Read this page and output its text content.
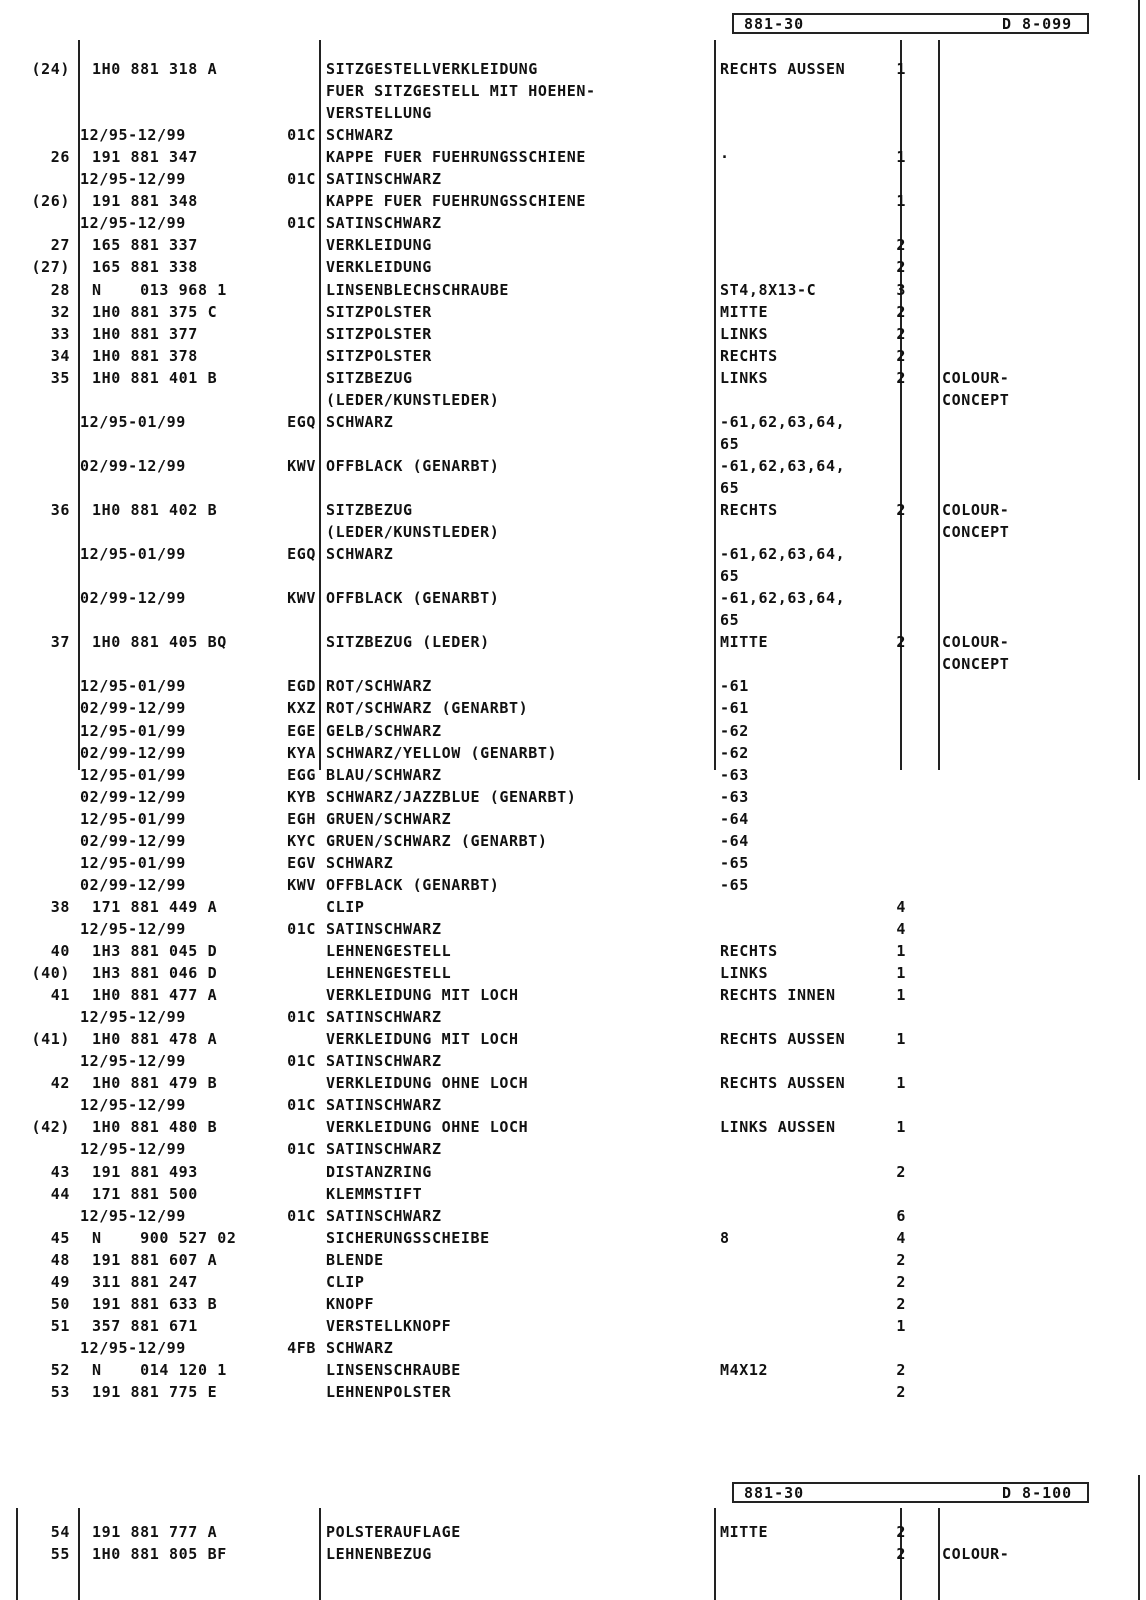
881-30	D 8-099
881-30	D 8-100
(24) 1H0 881 318 A	SITZGESTELLVERKLEIDUNG	RECHTS AUSSEN	1
FUER SITZGESTELL MIT HOEHEN-
VERSTELLUNG
12/95-12/99	01C SCHWARZ
26 191 881 347	KAPPE FUER FUEHRUNGSSCHIENE	·	1
12/95-12/99	01C SATINSCHWARZ
(26) 191 881 348	KAPPE FUER FUEHRUNGSSCHIENE	1
12/95-12/99	01C SATINSCHWARZ
27 165 881 337	VERKLEIDUNG	2
(27) 165 881 338	VERKLEIDUNG	2
28 N    013 968 1	LINSENBLECHSCHRAUBE	ST4,8X13-C	3
32 1H0 881 375 C	SITZPOLSTER	MITTE	2
33 1H0 881 377	SITZPOLSTER	LINKS	2
34 1H0 881 378	SITZPOLSTER	RECHTS	2
35 1H0 881 401 B	SITZBEZUG	LINKS	2 COLOUR-
(LEDER/KUNSTLEDER)	CONCEPT
12/95-01/99	EGQ SCHWARZ	-61,62,63,64,
65
02/99-12/99	KWV OFFBLACK (GENARBT)	-61,62,63,64,
65
36 1H0 881 402 B	SITZBEZUG	RECHTS	2 COLOUR-
(LEDER/KUNSTLEDER)	CONCEPT
12/95-01/99	EGQ SCHWARZ	-61,62,63,64,
65
02/99-12/99	KWV OFFBLACK (GENARBT)	-61,62,63,64,
65
37 1H0 881 405 BQ	SITZBEZUG (LEDER)	MITTE	2 COLOUR-
CONCEPT
12/95-01/99	EGD ROT/SCHWARZ	-61
02/99-12/99	KXZ ROT/SCHWARZ (GENARBT)	-61
12/95-01/99	EGE GELB/SCHWARZ	-62
02/99-12/99	KYA SCHWARZ/YELLOW (GENARBT)	-62
12/95-01/99	EGG BLAU/SCHWARZ	-63
02/99-12/99	KYB SCHWARZ/JAZZBLUE (GENARBT)	-63
12/95-01/99	EGH GRUEN/SCHWARZ	-64
02/99-12/99	KYC GRUEN/SCHWARZ (GENARBT)	-64
12/95-01/99	EGV SCHWARZ	-65
02/99-12/99	KWV OFFBLACK (GENARBT)	-65
38 171 881 449 A	CLIP	4
12/95-12/99	01C SATINSCHWARZ	4
40 1H3 881 045 D	LEHNENGESTELL	RECHTS	1
(40) 1H3 881 046 D	LEHNENGESTELL	LINKS	1
41 1H0 881 477 A	VERKLEIDUNG MIT LOCH	RECHTS INNEN	1
12/95-12/99	01C SATINSCHWARZ
(41) 1H0 881 478 A	VERKLEIDUNG MIT LOCH	RECHTS AUSSEN	1
12/95-12/99	01C SATINSCHWARZ
42 1H0 881 479 B	VERKLEIDUNG OHNE LOCH	RECHTS AUSSEN	1
12/95-12/99	01C SATINSCHWARZ
(42) 1H0 881 480 B	VERKLEIDUNG OHNE LOCH	LINKS AUSSEN	1
12/95-12/99	01C SATINSCHWARZ
43 191 881 493	DISTANZRING	2
44 171 881 500	KLEMMSTIFT
12/95-12/99	01C SATINSCHWARZ	6
45 N    900 527 02	SICHERUNGSSCHEIBE	8	4
48 191 881 607 A	BLENDE	2
49 311 881 247	CLIP	2
50 191 881 633 B	KNOPF	2
51 357 881 671	VERSTELLKNOPF	1
12/95-12/99	4FB SCHWARZ
52 N    014 120 1	LINSENSCHRAUBE	M4X12	2
53 191 881 775 E	LEHNENPOLSTER	2
54 191 881 777 A	POLSTERAUFLAGE	MITTE	2
55 1H0 881 805 BF	LEHNENBEZUG	2 COLOUR-
